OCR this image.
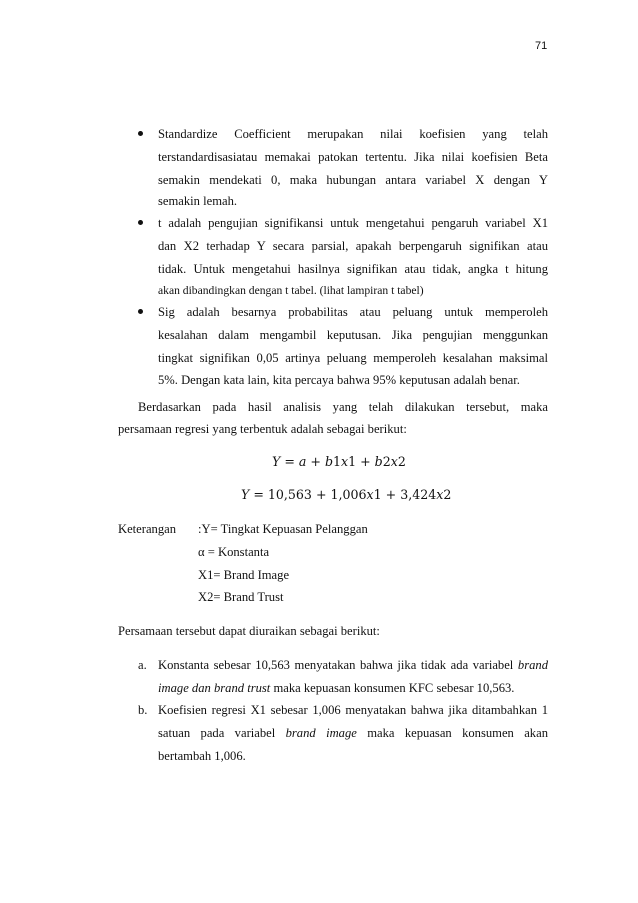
71
Standardize Coefficient merupakan nilai koefisien yang telah
terstandardisasiatau memakai patokan tertentu. Jika nilai koefisien Beta
semakin mendekati 0, maka hubungan antara variabel X dengan Y
semakin lemah.
t adalah pengujian signifikansi untuk mengetahui pengaruh variabel X1
dan X2 terhadap Y secara parsial, apakah berpengaruh signifikan atau
tidak. Untuk mengetahui hasilnya signifikan atau tidak, angka t hitung
akan dibandingkan dengan t tabel. (lihat lampiran t tabel)
Sig adalah besarnya probabilitas atau peluang untuk memperoleh
kesalahan dalam mengambil keputusan. Jika pengujian menggunkan
tingkat signifikan 0,05 artinya peluang memperoleh kesalahan maksimal
5%. Dengan kata lain, kita percaya bahwa 95% keputusan adalah benar.
Berdasarkan pada hasil analisis yang telah dilakukan tersebut, maka
persamaan regresi yang terbentuk adalah sebagai berikut:
𝑌 = 𝑎 + 𝑏1𝑥1 + 𝑏2𝑥2
𝑌 = 10,563 + 1,006𝑥1 + 3,424𝑥2
Keterangan :Y= Tingkat Kepuasan Pelanggan
α = Konstanta
X1= Brand Image
X2= Brand Trust
Persamaan tersebut dapat diuraikan sebagai berikut:
a. Konstanta sebesar 10,563 menyatakan bahwa jika tidak ada variabel brand
image dan brand trust maka kepuasan konsumen KFC sebesar 10,563.
b. Koefisien regresi X1 sebesar 1,006 menyatakan bahwa jika ditambahkan 1
satuan pada variabel brand image maka kepuasan konsumen akan
bertambah 1,006.
